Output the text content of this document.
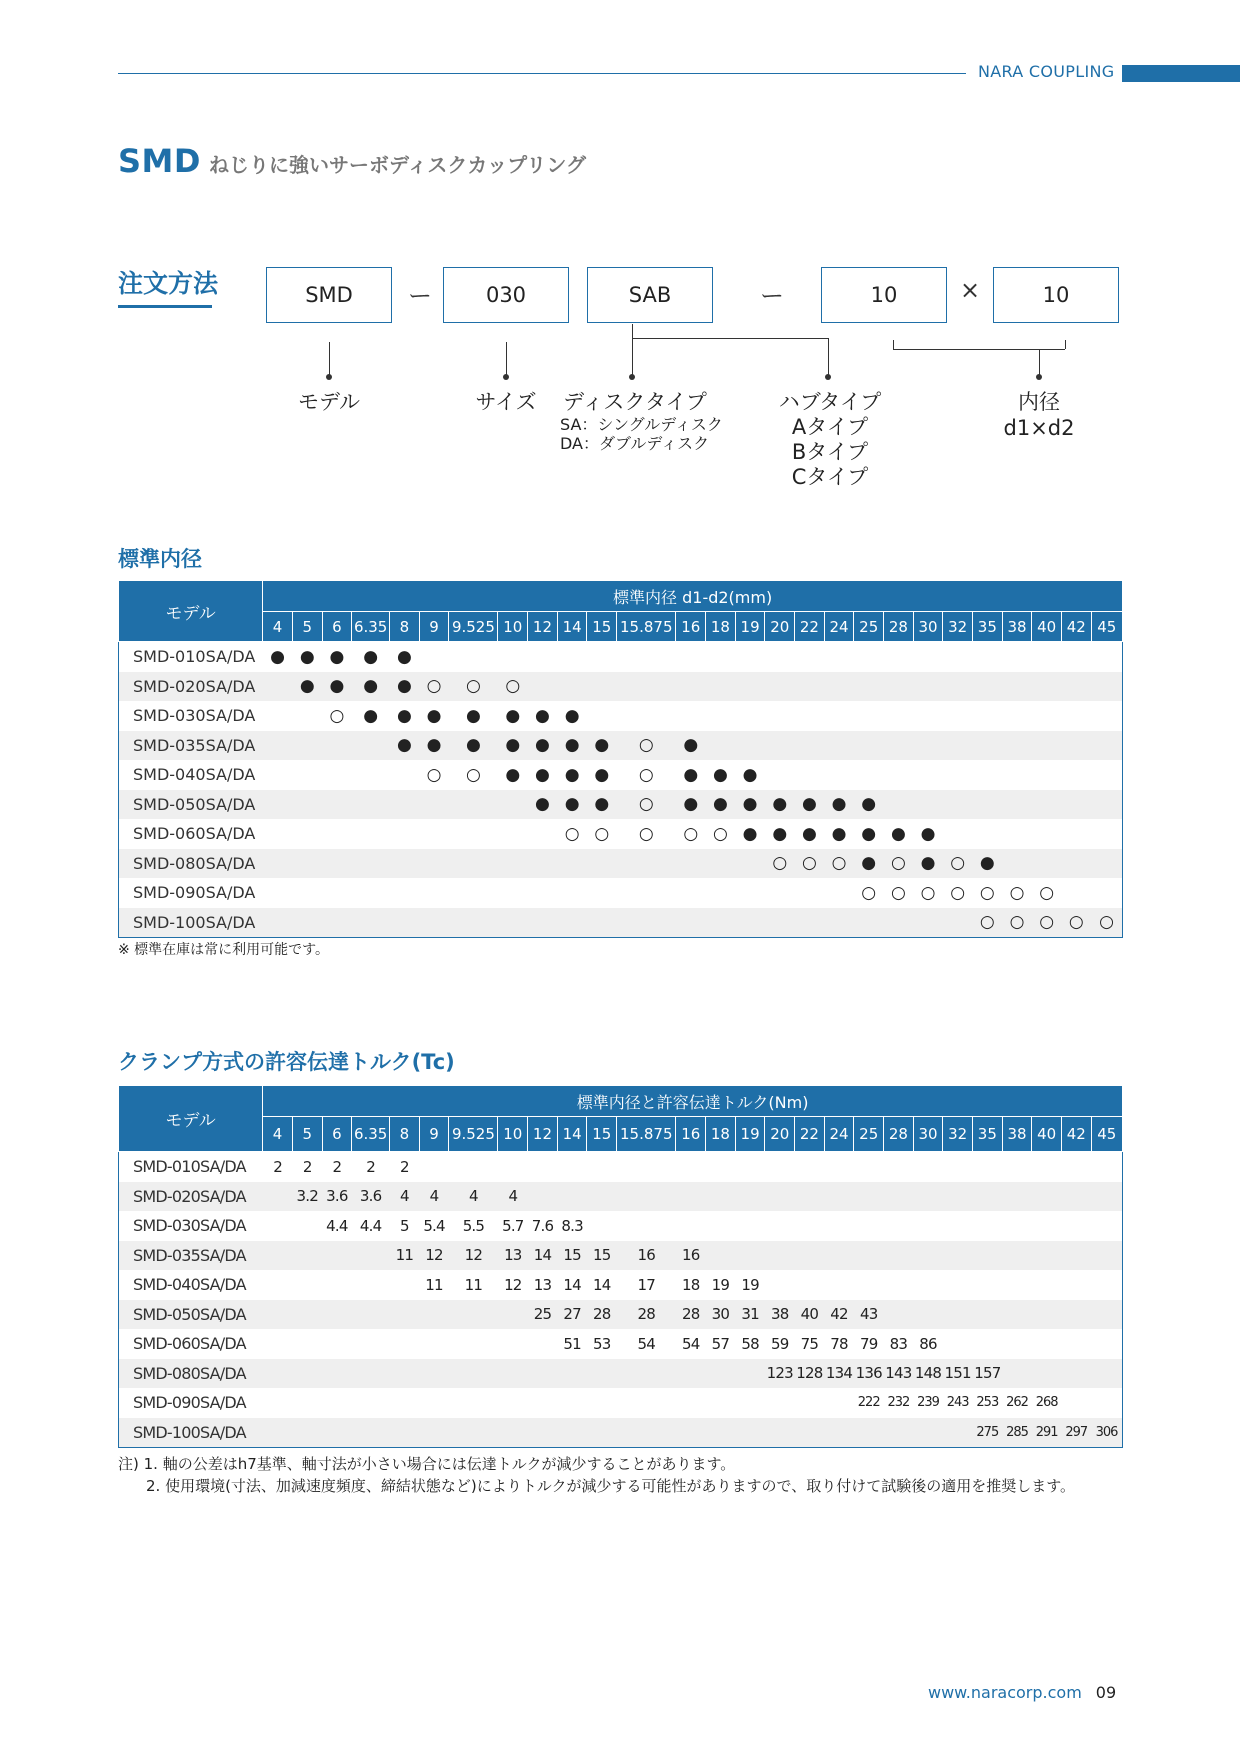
NARA COUPLING
SMD ねじりに強いサーボディスクカップリング
注文方法	SMD	ー	030	SAB	ー	10	×	10
モデル	サイズ	ディスクタイプ
SA：シングルディスク
DA：ダブルディスク
ハブタイプ
Aタイプ
Bタイプ
Cタイプ
内径
d1×d2
標準内径
モデル	標準内径 d1-d2(mm)																										
	4	5	6	6.35	8	9	9.525	10	12	14	15	15.875	16	18	19	20	22	24	25	28	30	32	35	38	40	42	45
SMD-010SA/DA	●	●	●	●	●																						
SMD-020SA/DA		●	●	●	●	○	○	○																			
SMD-030SA/DA			○	●	●	●	●	●	●	●																	
SMD-035SA/DA					●	●	●	●	●	●	●	○	●														
SMD-040SA/DA						○	○	●	●	●	●	○	●	●	●												
SMD-050SA/DA									●	●	●	○	●	●	●	●	●	●	●								
SMD-060SA/DA										○	○	○	○	○	●	●	●	●	●	●	●						
SMD-080SA/DA																○	○	○	●	○	●	○	●				
SMD-090SA/DA																			○	○	○	○	○	○	○		
SMD-100SA/DA																							○	○	○	○	○
※ 標準在庫は常に利用可能です。
クランプ方式の許容伝達トルク(Tc)
モデル	標準内径と許容伝達トルク(Nm)																										
	4	5	6	6.35	8	9	9.525	10	12	14	15	15.875	16	18	19	20	22	24	25	28	30	32	35	38	40	42	45
SMD-010SA/DA	2	2	2	2	2																						
SMD-020SA/DA		3.2	3.6	3.6	4	4	4	4																			
SMD-030SA/DA			4.4	4.4	5	5.4	5.5	5.7	7.6	8.3																	
SMD-035SA/DA					11	12	12	13	14	15	15	16	16														
SMD-040SA/DA						11	11	12	13	14	14	17	18	19	19												
SMD-050SA/DA									25	27	28	28	28	30	31	38	40	42	43								
SMD-060SA/DA										51	53	54	54	57	58	59	75	78	79	83	86						
SMD-080SA/DA																123	128	134	136	143	148	151	157				
SMD-090SA/DA																			222	232	239	243	253	262	268		
SMD-100SA/DA																							275	285	291	297	306
注) 1. 軸の公差はh7基準、軸寸法が小さい場合には伝達トルクが減少することがあります。
2. 使用環境(寸法、加減速度頻度、締結状態など)によりトルクが減少する可能性がありますので、取り付けて試験後の適用を推奨します。
www.naracorp.com 09
